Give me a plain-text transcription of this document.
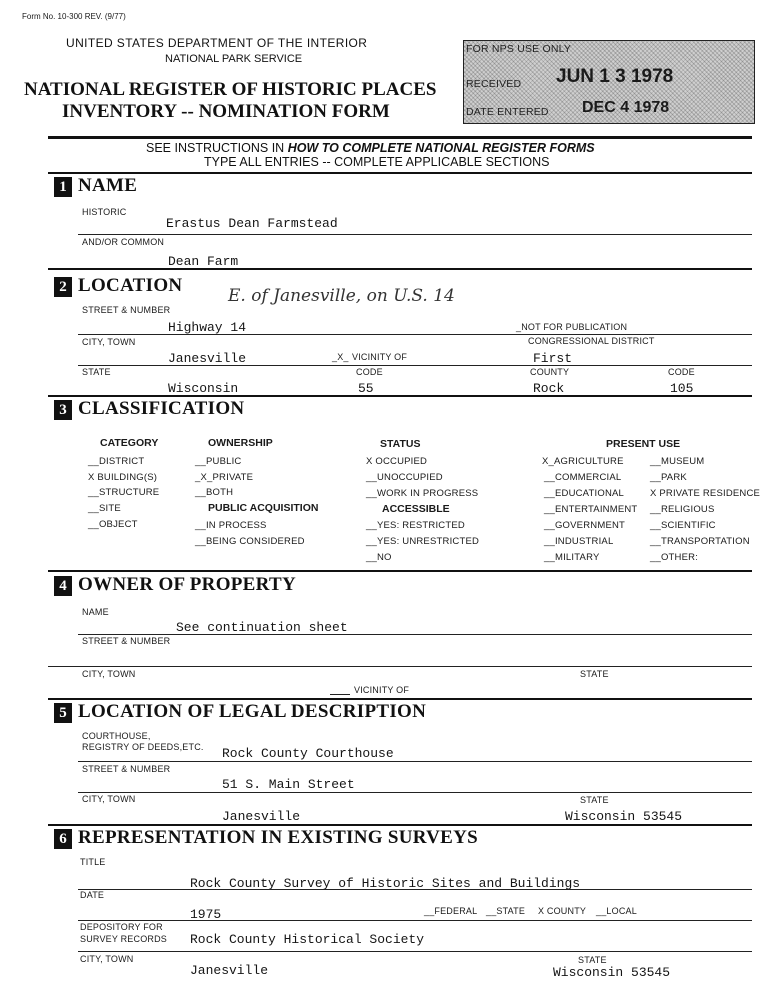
Form No. 10-300 REV. (9/77)
UNITED STATES DEPARTMENT OF THE INTERIOR
NATIONAL PARK SERVICE
NATIONAL REGISTER OF HISTORIC PLACES
INVENTORY -- NOMINATION FORM
FOR NPS USE ONLY
RECEIVED JUN 1 3 1978
DATE ENTERED DEC 4 1978
SEE INSTRUCTIONS IN HOW TO COMPLETE NATIONAL REGISTER FORMS
TYPE ALL ENTRIES -- COMPLETE APPLICABLE SECTIONS
1 NAME
HISTORIC
Erastus Dean Farmstead
AND/OR COMMON
Dean Farm
2 LOCATION	E. of Janesville, on U.S. 14
STREET & NUMBER
Highway 14	_NOT FOR PUBLICATION
CITY, TOWN	CONGRESSIONAL DISTRICT
Janesville	_X_ VICINITY OF	First
STATE	CODE	COUNTY	CODE
Wisconsin	55	Rock	105
3 CLASSIFICATION
CATEGORY
__DISTRICT
X BUILDING(S)
__STRUCTURE
__SITE
__OBJECT
OWNERSHIP
__PUBLIC
_X_PRIVATE
__BOTH
PUBLIC ACQUISITION
__IN PROCESS
__BEING CONSIDERED
STATUS
X OCCUPIED
__UNOCCUPIED
__WORK IN PROGRESS
ACCESSIBLE
__YES: RESTRICTED
__YES: UNRESTRICTED
__NO
PRESENT USE
X_AGRICULTURE
__COMMERCIAL
__EDUCATIONAL
__ENTERTAINMENT
__GOVERNMENT
__INDUSTRIAL
__MILITARY
__MUSEUM
__PARK
X PRIVATE RESIDENCE
__RELIGIOUS
__SCIENTIFIC
__TRANSPORTATION
__OTHER:
4 OWNER OF PROPERTY
NAME
See continuation sheet
STREET & NUMBER
CITY, TOWN	STATE
VICINITY OF
5 LOCATION OF LEGAL DESCRIPTION
COURTHOUSE,
REGISTRY OF DEEDS,ETC. Rock County Courthouse
STREET & NUMBER
51 S. Main Street
CITY, TOWN	STATE
Janesville	Wisconsin 53545
6 REPRESENTATION IN EXISTING SURVEYS
TITLE
Rock County Survey of Historic Sites and Buildings
DATE
1975	__FEDERAL __STATE X COUNTY __LOCAL
DEPOSITORY FOR
SURVEY RECORDS Rock County Historical Society
CITY, TOWN	STATE
Janesville	Wisconsin 53545
